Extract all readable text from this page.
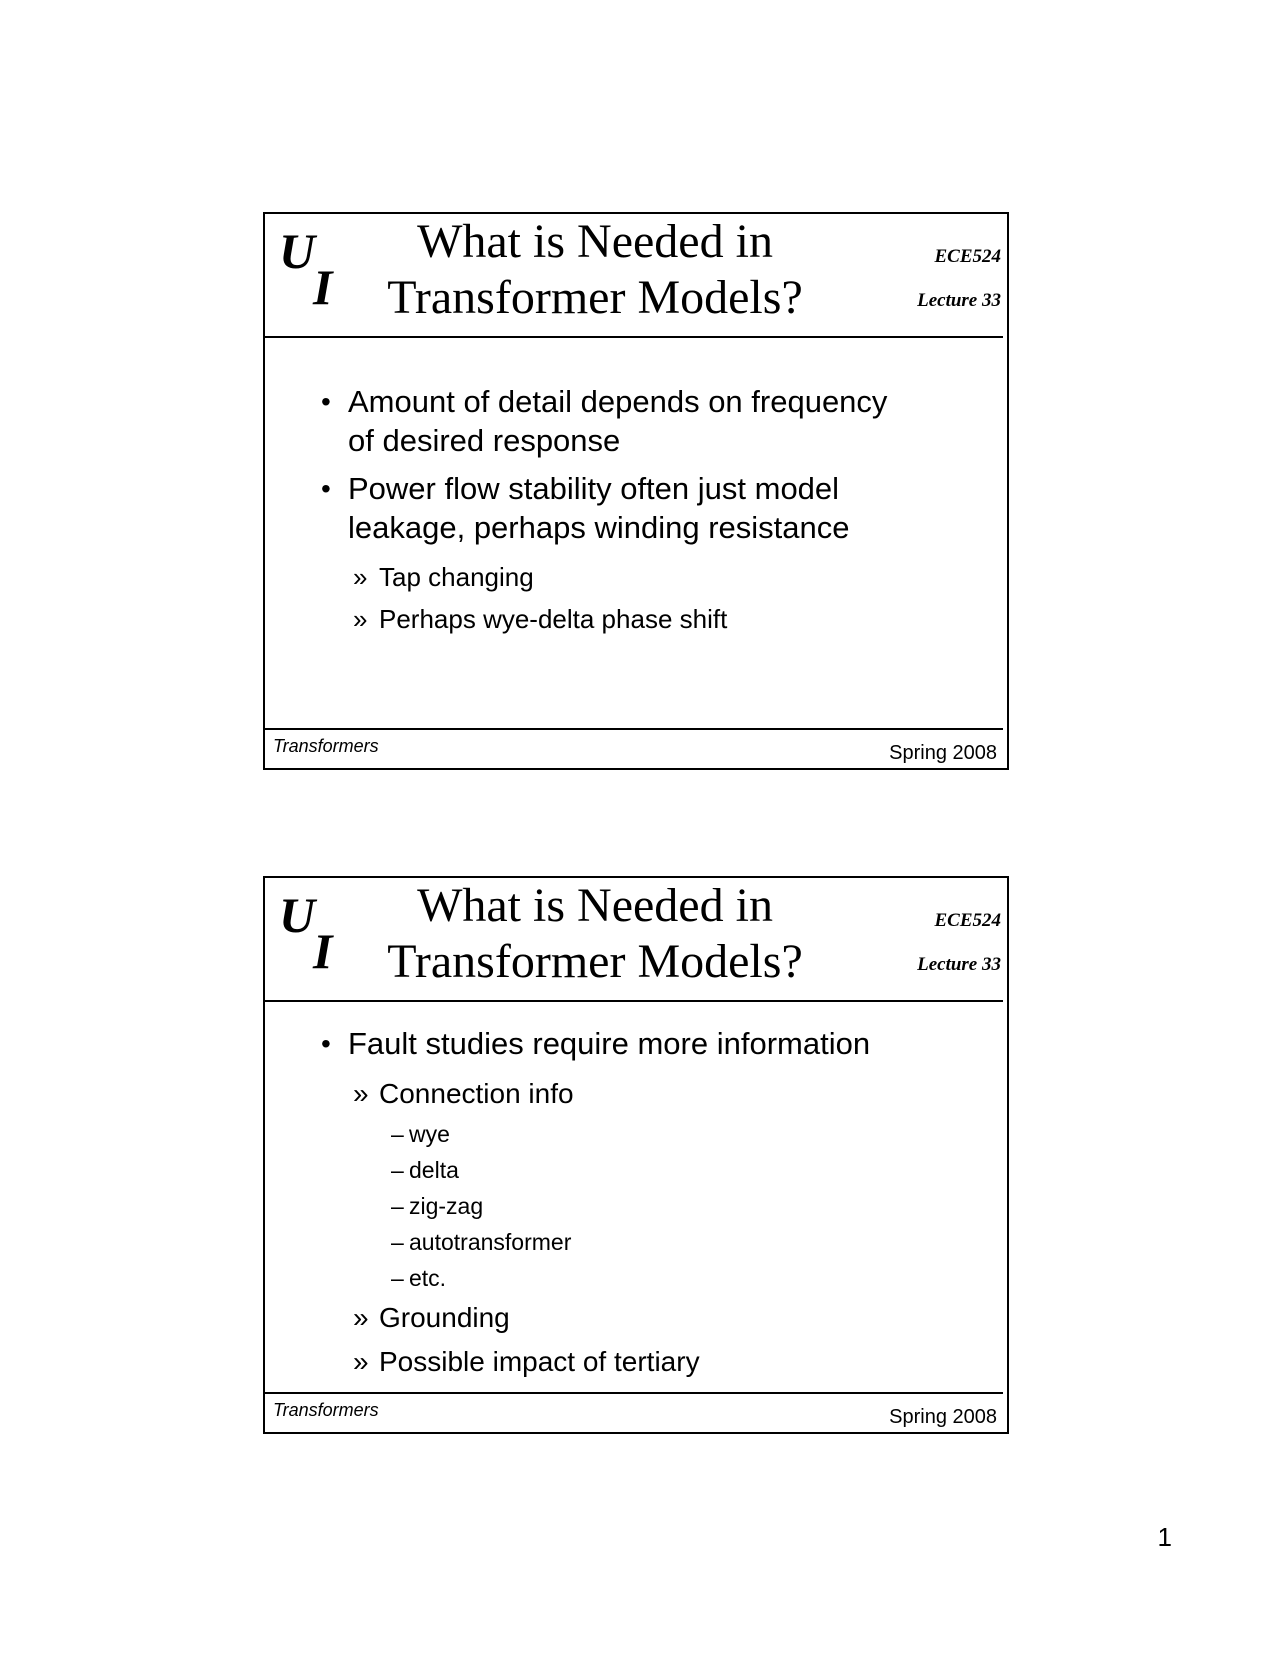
U
I
What is Needed in
Transformer Models?
ECE524
Lecture 33
• Amount of detail depends on frequency
of desired response
• Power flow stability often just model
leakage, perhaps winding resistance
» Tap changing
» Perhaps wye-delta phase shift
Transformers	Spring 2008
U
I
What is Needed in
Transformer Models?
ECE524
Lecture 33
• Fault studies require more information
» Connection info
– wye
– delta
– zig-zag
– autotransformer
– etc.
» Grounding
» Possible impact of tertiary
Transformers	Spring 2008
1
